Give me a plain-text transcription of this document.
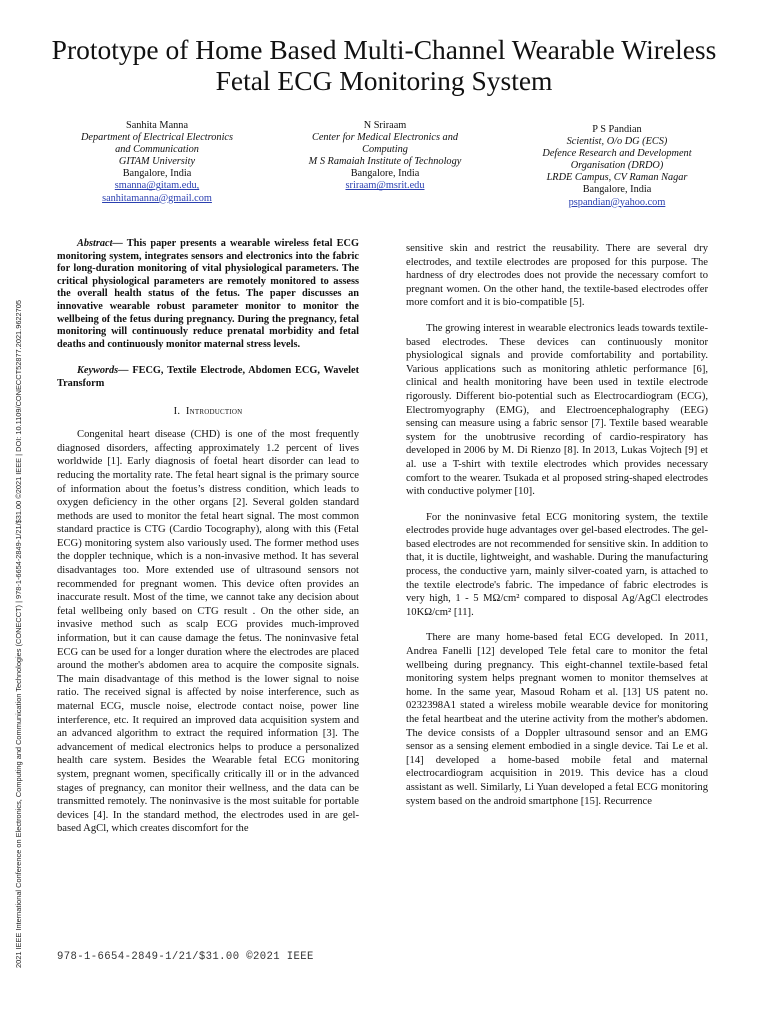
Prototype of Home Based Multi-Channel Wearable Wireless Fetal ECG Monitoring System
Sanhita Manna
Department of Electrical Electronics
and Communication
GITAM University
Bangalore, India
smanna@gitam.edu,
sanhitamanna@gmail.com
N Sriraam
Center for Medical Electronics and
Computing
M S Ramaiah Institute of Technology
Bangalore, India
sriraam@msrit.edu
P S Pandian
Scientist, O/o DG (ECS)
Defence Research and Development
Organisation (DRDO)
LRDE Campus, CV Raman Nagar
Bangalore, India
pspandian@yahoo.com
2021 IEEE International Conference on Electronics, Computing and Communication Technologies (CONECCT) | 978-1-6654-2849-1/21/$31.00 ©2021 IEEE | DOI: 10.1109/CONECCT52877.2021.9622705

Abstract— This paper presents a wearable wireless fetal ECG monitoring system, integrates sensors and electronics into the fabric for long-duration monitoring of vital physiological parameters. The critical physiological parameters are remotely monitored to assess the overall health status of the fetus. The paper discusses an innovative wearable robust parameter monitor to monitor the wellbeing of the fetus during pregnancy. During the pregnancy, fetal monitoring will continuously reduce prenatal morbidity and fetal deaths and continuously monitor maternal stress levels.

Keywords— FECG, Textile Electrode, Abdomen ECG, Wavelet Transform

I. Introduction

Congenital heart disease (CHD) is one of the most frequently diagnosed disorders, affecting approximately 1.2 percent of lives worldwide [1]. Early diagnosis of foetal heart disorder can lead to reducing the mortality rate. The fetal heart signal is the primary source of information about the foetus’s distress condition, which leads to oxygen deficiency in the other organs [2]. Several golden standard methods are used to monitor the fetal heart signal. The most common standard practice is CTG (Cardio Tocography), along with this (Fetal ECG) monitoring system also variously used. The former method uses the doppler technique, which is a non-invasive method. It has several disadvantages too. More extended use of ultrasound sensors not recommended for pregnant women. This device often provides an inaccurate result. Most of the time, we cannot take any decision about fetal wellbeing only based on CTG result . On the other side, an invasive method such as scalp ECG provides much-improved information, but it can cause damage the fetus. The noninvasive fetal ECG can be used for a longer duration where the electrodes are placed around the mother's abdomen area to acquire the composite signals. The main disadvantage of this method is the lower signal to noise ratio. The received signal is affected by noise interference, such as maternal ECG, muscle noise, electrode contact noise, power line interference, etc. It required an improved data acquisition system and an advanced algorithm to extract the required information [3]. The advancement of medical electronics helps to produce a personalized health care system. Besides the Wearable fetal ECG monitoring system, pregnant women, specifically critically ill or in the advanced stages of pregnancy, can monitor their wellness, and the data can be transmitted remotely. The noninvasive is the most suitable for portable devices [4]. In the standard method, the electrodes used in are gel-based AgCl, which creates discomfort for the

sensitive skin and restrict the reusability. There are several dry electrodes, and textile electrodes are proposed for this purpose. The hardness of dry electrodes does not provide the necessary comfort to pregnant women. On the other hand, the textile-based electrodes offer more comfort and it is bio-compatible [5].

The growing interest in wearable electronics leads towards textile-based electrodes. These devices can continuously monitor physiological signals and provide comfortability and portability. Various applications such as monitoring athletic performance [6], clinical and health monitoring have been used in textile electrode rigorously. Different bio-potential such as Electrocardiogram (ECG), Electromyography (EMG), and Electroencephalography (EEG) sensing can measure using a fabric sensor [7]. Textile based wearable system for the unobtrusive recording of cardio-respiratory has developed in 2006 by M. Di Rienzo [8]. In 2013, Lukas Vojtech [9] et al. use a T-shirt with textile electrodes which provides necessary comfort to the wearer. Tsukada et al proposed string-shaped electrodes with conductive polymer [10].

For the noninvasive fetal ECG monitoring system, the textile electrodes provide huge advantages over gel-based electrodes. The gel-based electrodes are not recommended for sensitive skin. In addition to that, it is ductile, lightweight, and washable. During the manufacturing process, the conductive yarn, mainly silver-coated yarn, is attached to the textile electrode's fabric. The impedance of fabric electrodes is very high, 1 - 5 MΩ/cm² compared to disposal Ag/AgCl electrodes 10KΩ/cm² [11].

There are many home-based fetal ECG developed. In 2011, Andrea Fanelli [12] developed Tele fetal care to monitor the fetal wellbeing during pregnancy. This eight-channel textile-based fetal monitoring system helps pregnant women to monitor themselves at home. In the same year, Masoud Roham et al. [13] US patent no. 0232398A1 stated a wireless mobile wearable device for monitoring the fetal heartbeat and the uterine activity from the mother's abdomen. The device consists of a Doppler ultrasound sensor and an EMG sensor as a sensing element embodied in a single device. Tai Le et al. [14] developed a home-based mobile fetal and maternal electrocardiogram acquisition in 2019. This device has a cloud assistant as well. Similarly, Li Yuan developed a fetal ECG monitoring system based on the android smartphone [15]. Recurrence

978-1-6654-2849-1/21/$31.00 ©2021 IEEE
